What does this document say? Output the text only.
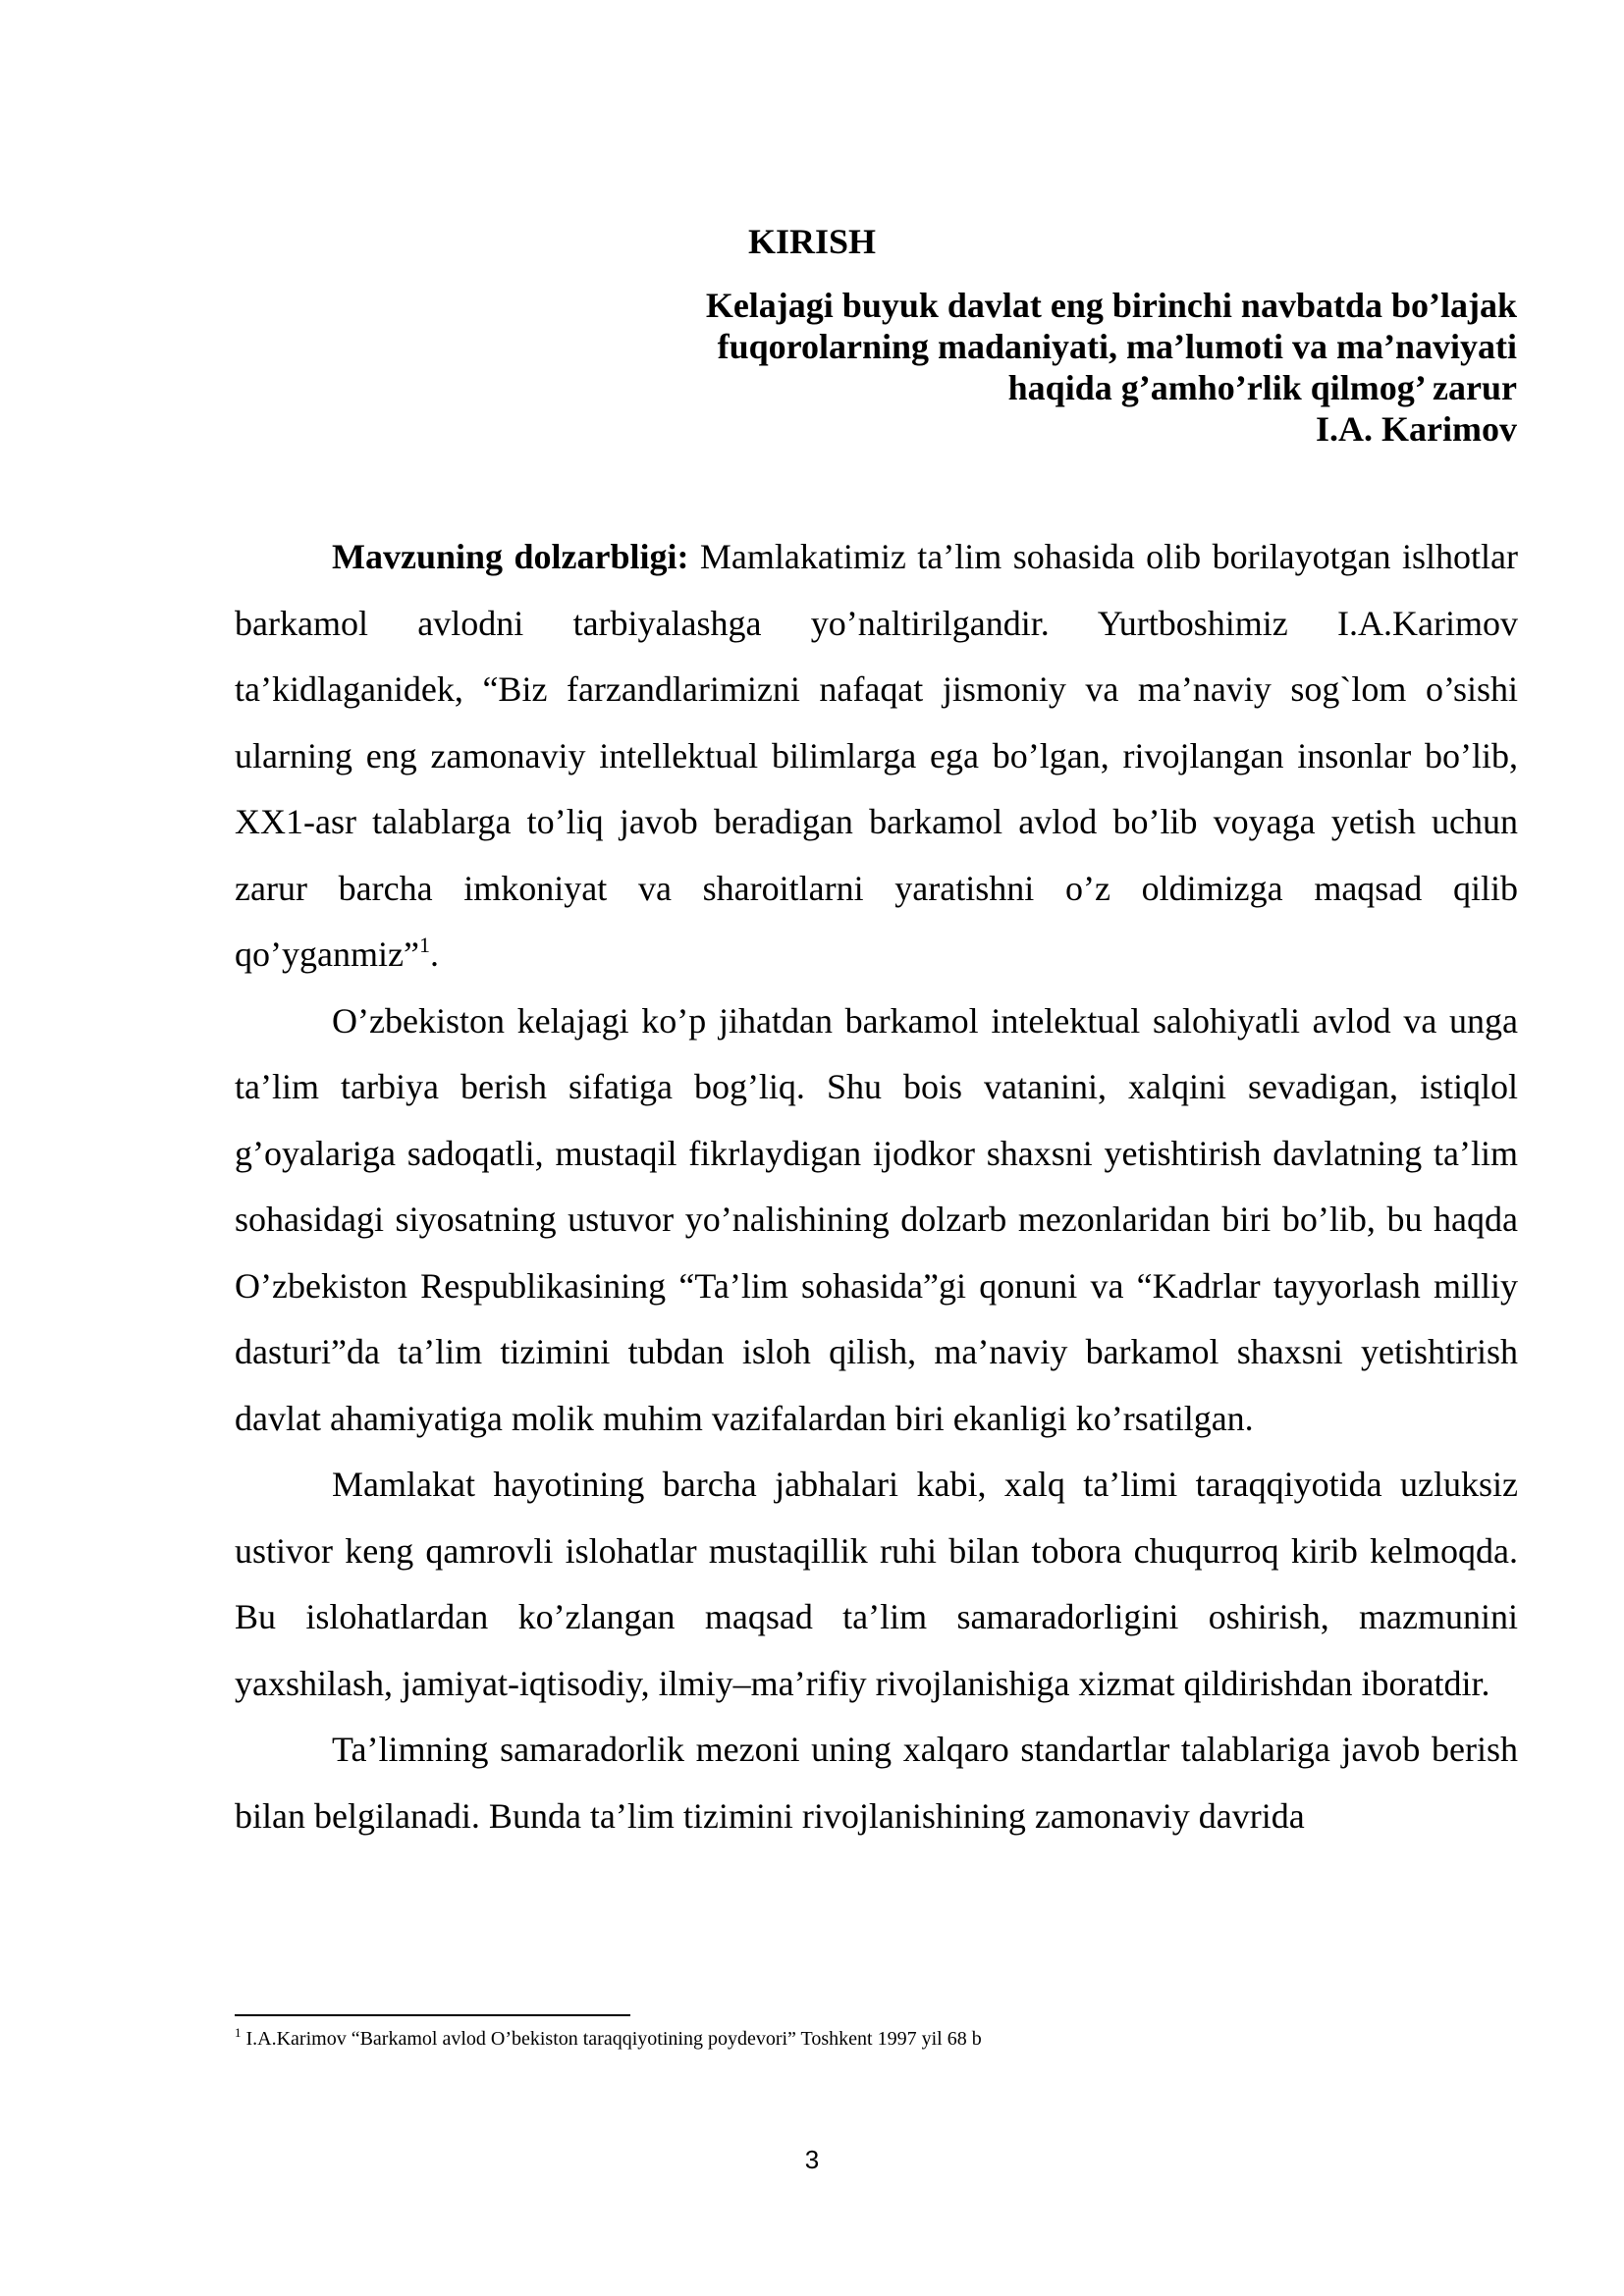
KIRISH
Kelajagi buyuk davlat eng birinchi navbatda bo’lajak
fuqorolarning madaniyati, ma’lumoti va ma’naviyati
haqida g’amho’rlik qilmog’ zarur
I.A. Karimov

Mavzuning dolzarbligi: Mamlakatimiz ta’lim sohasida olib borilayotgan islhotlar barkamol avlodni tarbiyalashga yo’naltirilgandir. Yurtboshimiz I.A.Karimov ta’kidlaganidek, “Biz farzandlarimizni nafaqat jismoniy va ma’naviy sog`lom o’sishi ularning eng zamonaviy intellektual bilimlarga ega bo’lgan, rivojlangan insonlar bo’lib, XX1-asr talablarga to’liq javob beradigan barkamol avlod bo’lib voyaga yetish uchun zarur barcha imkoniyat va sharoitlarni yaratishni o’z oldimizga maqsad qilib qo’yganmiz”$^1$.

O’zbekiston kelajagi ko’p jihatdan barkamol intelektual salohiyatli avlod va unga ta’lim tarbiya berish sifatiga bog’liq. Shu bois vatanini, xalqini sevadigan, istiqlol g’oyalariga sadoqatli, mustaqil fikrlaydigan ijodkor shaxsni yetishtirish davlatning ta’lim sohasidagi siyosatning ustuvor yo’nalishining dolzarb mezonlaridan biri bo’lib, bu haqda O’zbekiston Respublikasining “Ta’lim sohasida”gi qonuni va “Kadrlar tayyorlash milliy dasturi”da ta’lim tizimini tubdan isloh qilish, ma’naviy barkamol shaxsni yetishtirish davlat ahamiyatiga molik muhim vazifalardan biri ekanligi ko’rsatilgan.

Mamlakat hayotining barcha jabhalari kabi, xalq ta’limi taraqqiyotida uzluksiz ustivor keng qamrovli islohatlar mustaqillik ruhi bilan tobora chuqurroq kirib kelmoqda. Bu islohatlardan ko’zlangan maqsad ta’lim samaradorligini oshirish, mazmunini yaxshilash, jamiyat-iqtisodiy, ilmiy–ma’rifiy rivojlanishiga xizmat qildirishdan iboratdir.

Ta’limning samaradorlik mezoni uning xalqaro standartlar talablariga javob berish bilan belgilanadi. Bunda ta’lim tizimini rivojlanishining zamonaviy davrida

$^1$ I.A.Karimov “Barkamol avlod O’bekiston taraqqiyotining poydevori” Toshkent 1997 yil 68 b
3
